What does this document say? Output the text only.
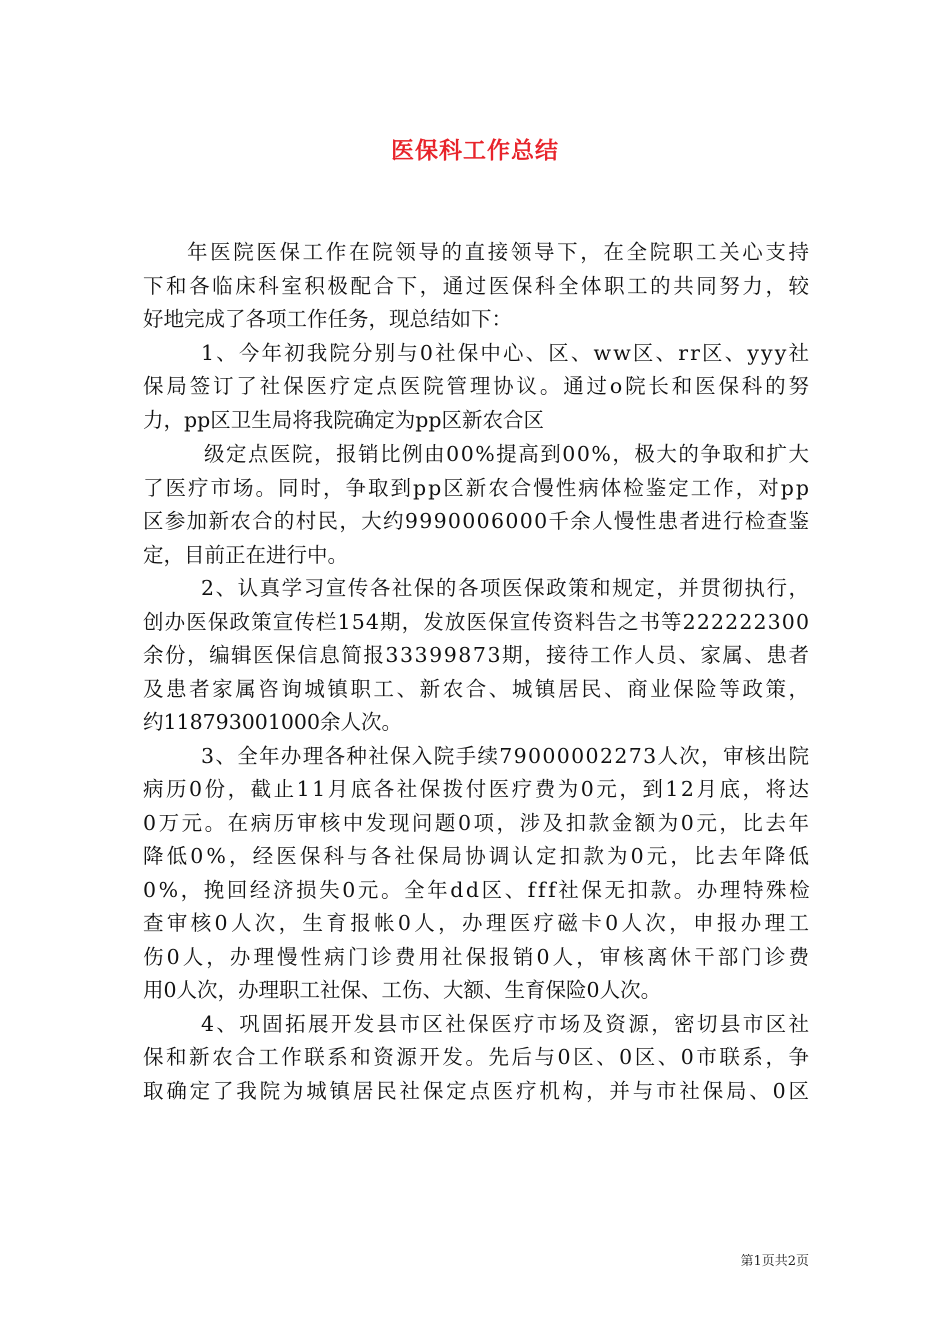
医保科工作总结
年医院医保工作在院领导的直接领导下，在全院职工关心支持
下和各临床科室积极配合下，通过医保科全体职工的共同努力，较
好地完成了各项工作任务，现总结如下：
1、今年初我院分别与0社保中心、区、ww区、rr区、yyy社
保局签订了社保医疗定点医院管理协议。通过o院长和医保科的努
力，pp区卫生局将我院确定为pp区新农合区
级定点医院，报销比例由00%提高到00%，极大的争取和扩大
了医疗市场。同时，争取到pp区新农合慢性病体检鉴定工作，对pp
区参加新农合的村民，大约9990006000千余人慢性患者进行检查鉴
定，目前正在进行中。
2、认真学习宣传各社保的各项医保政策和规定，并贯彻执行，
创办医保政策宣传栏154期，发放医保宣传资料告之书等222222300
余份，编辑医保信息简报33399873期，接待工作人员、家属、患者
及患者家属咨询城镇职工、新农合、城镇居民、商业保险等政策，
约118793001000余人次。
3、全年办理各种社保入院手续79000002273人次，审核出院
病历0份，截止11月底各社保拨付医疗费为0元，到12月底，将达
0万元。在病历审核中发现问题0项，涉及扣款金额为0元，比去年
降低0%，经医保科与各社保局协调认定扣款为0元，比去年降低
0%，挽回经济损失0元。全年dd区、fff社保无扣款。办理特殊检
查审核0人次，生育报帐0人，办理医疗磁卡0人次，申报办理工
伤0人，办理慢性病门诊费用社保报销0人，审核离休干部门诊费
用0人次，办理职工社保、工伤、大额、生育保险0人次。
4、巩固拓展开发县市区社保医疗市场及资源，密切县市区社
保和新农合工作联系和资源开发。先后与0区、0区、0市联系，争
取确定了我院为城镇居民社保定点医疗机构，并与市社保局、0区
第1页共2页
